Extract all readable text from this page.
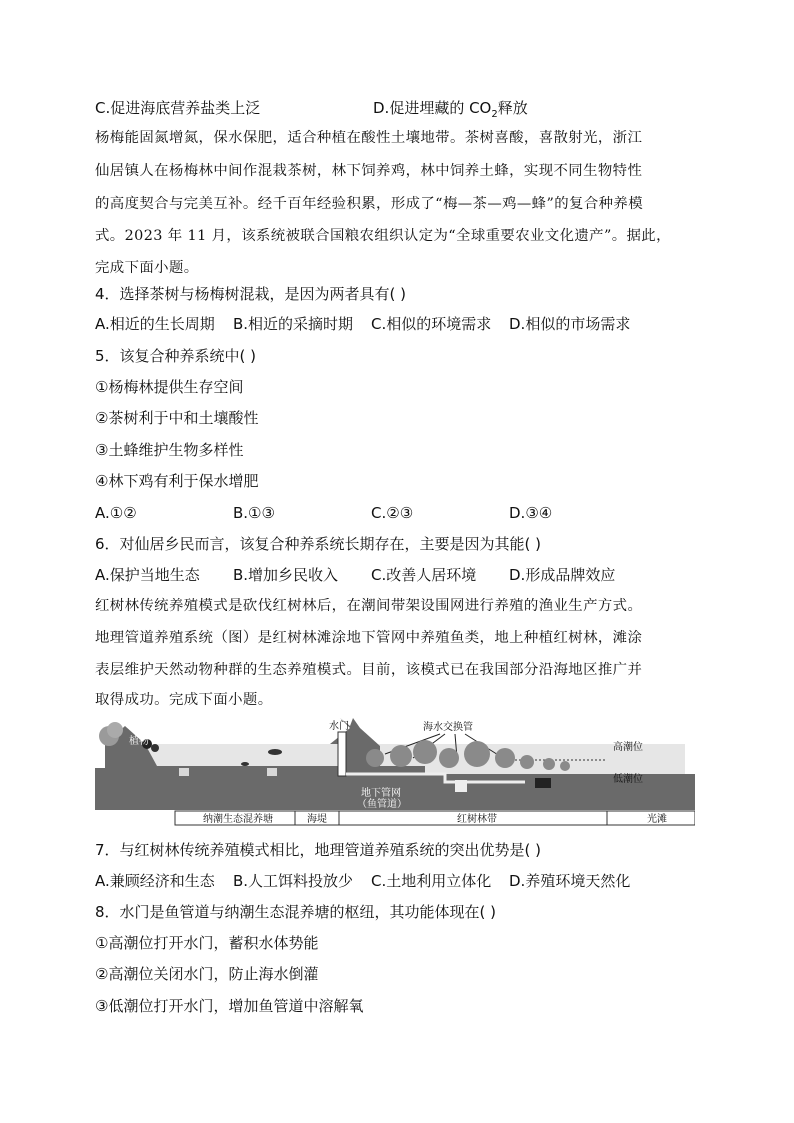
C.促进海底营养盐类上泛	D.促进埋藏的 $CO_2$释放
杨梅能固氮增氮，保水保肥，适合种植在酸性土壤地带。茶树喜酸，喜散射光，浙江
仙居镇人在杨梅林中间作混栽茶树，林下饲养鸡，林中饲养土蜂，实现不同生物特性
的高度契合与完美互补。经千百年经验积累，形成了“梅—茶—鸡—蜂”的复合种养模
式。2023 年 11 月，该系统被联合国粮农组织认定为“全球重要农业文化遗产”。据此，
完成下面小题。
4．选择茶树与杨梅树混栽，是因为两者具有( )
A.相近的生长周期 B.相近的采摘时期 C.相似的环境需求 D.相似的市场需求
5．该复合种养系统中( )
①杨梅林提供生存空间
②茶树利于中和土壤酸性
③土蜂维护生物多样性
④林下鸡有利于保水增肥
A.①②	B.①③	C.②③	D.③④
6．对仙居乡民而言，该复合种养系统长期存在，主要是因为其能( )
A.保护当地生态 B.增加乡民收入 C.改善人居环境 D.形成品牌效应
红树林传统养殖模式是砍伐红树林后，在潮间带架设围网进行养殖的渔业生产方式。
地理管道养殖系统（图）是红树林滩涂地下管网中养殖鱼类，地上种植红树林，滩涂
表层维护天然动物种群的生态养殖模式。目前，该模式已在我国部分沿海地区推广并
取得成功。完成下面小题。
植物
水门	海水交换管
高潮位
低潮位
地下管网
（鱼管道）
纳潮生态混养塘	海堤	红树林带	光滩
7．与红树林传统养殖模式相比，地理管道养殖系统的突出优势是( )
A.兼顾经济和生态 B.人工饵料投放少 C.土地利用立体化 D.养殖环境天然化
8．水门是鱼管道与纳潮生态混养塘的枢纽，其功能体现在( )
①高潮位打开水门，蓄积水体势能
②高潮位关闭水门，防止海水倒灌
③低潮位打开水门，增加鱼管道中溶解氧
